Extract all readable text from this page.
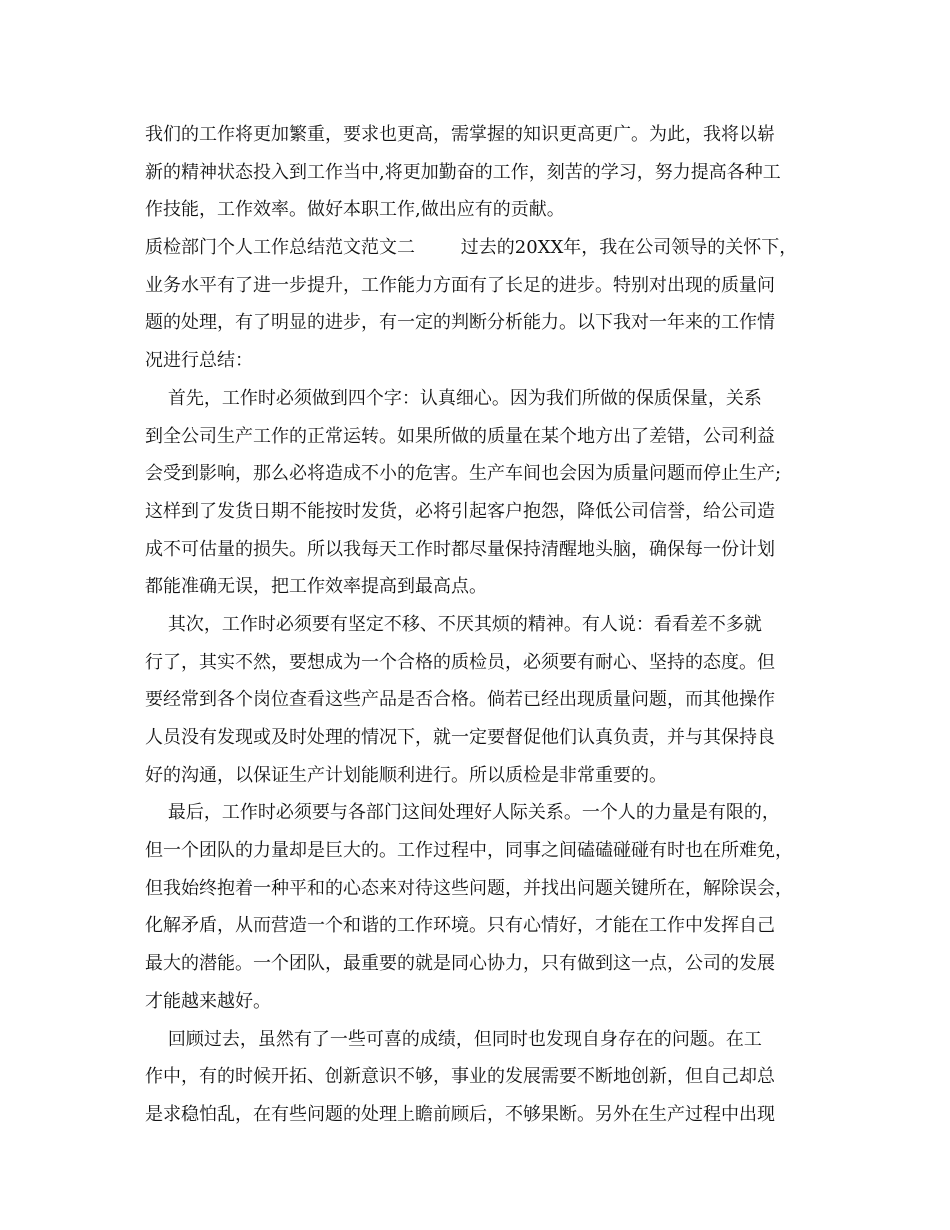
我们的工作将更加繁重，要求也更高，需掌握的知识更高更广。为此，我将以崭
新的精神状态投入到工作当中,将更加勤奋的工作，刻苦的学习，努力提高各种工
作技能，工作效率。做好本职工作,做出应有的贡献。
质检部门个人工作总结范文范文二        过去的20XX年，我在公司领导的关怀下，
业务水平有了进一步提升，工作能力方面有了长足的进步。特别对出现的质量问
题的处理，有了明显的进步，有一定的判断分析能力。以下我对一年来的工作情
况进行总结：
首先，工作时必须做到四个字：认真细心。因为我们所做的保质保量，关系
到全公司生产工作的正常运转。如果所做的质量在某个地方出了差错，公司利益
会受到影响，那么必将造成不小的危害。生产车间也会因为质量问题而停止生产;
这样到了发货日期不能按时发货，必将引起客户抱怨，降低公司信誉，给公司造
成不可估量的损失。所以我每天工作时都尽量保持清醒地头脑，确保每一份计划
都能准确无误，把工作效率提高到最高点。
其次，工作时必须要有坚定不移、不厌其烦的精神。有人说：看看差不多就
行了，其实不然，要想成为一个合格的质检员，必须要有耐心、坚持的态度。但
要经常到各个岗位查看这些产品是否合格。倘若已经出现质量问题，而其他操作
人员没有发现或及时处理的情况下，就一定要督促他们认真负责，并与其保持良
好的沟通，以保证生产计划能顺利进行。所以质检是非常重要的。
最后，工作时必须要与各部门这间处理好人际关系。一个人的力量是有限的，
但一个团队的力量却是巨大的。工作过程中，同事之间磕磕碰碰有时也在所难免，
但我始终抱着一种平和的心态来对待这些问题，并找出问题关键所在，解除误会，
化解矛盾，从而营造一个和谐的工作环境。只有心情好，才能在工作中发挥自己
最大的潜能。一个团队，最重要的就是同心协力，只有做到这一点，公司的发展
才能越来越好。
回顾过去，虽然有了一些可喜的成绩，但同时也发现自身存在的问题。在工
作中，有的时候开拓、创新意识不够，事业的发展需要不断地创新，但自己却总
是求稳怕乱，在有些问题的处理上瞻前顾后，不够果断。另外在生产过程中出现
